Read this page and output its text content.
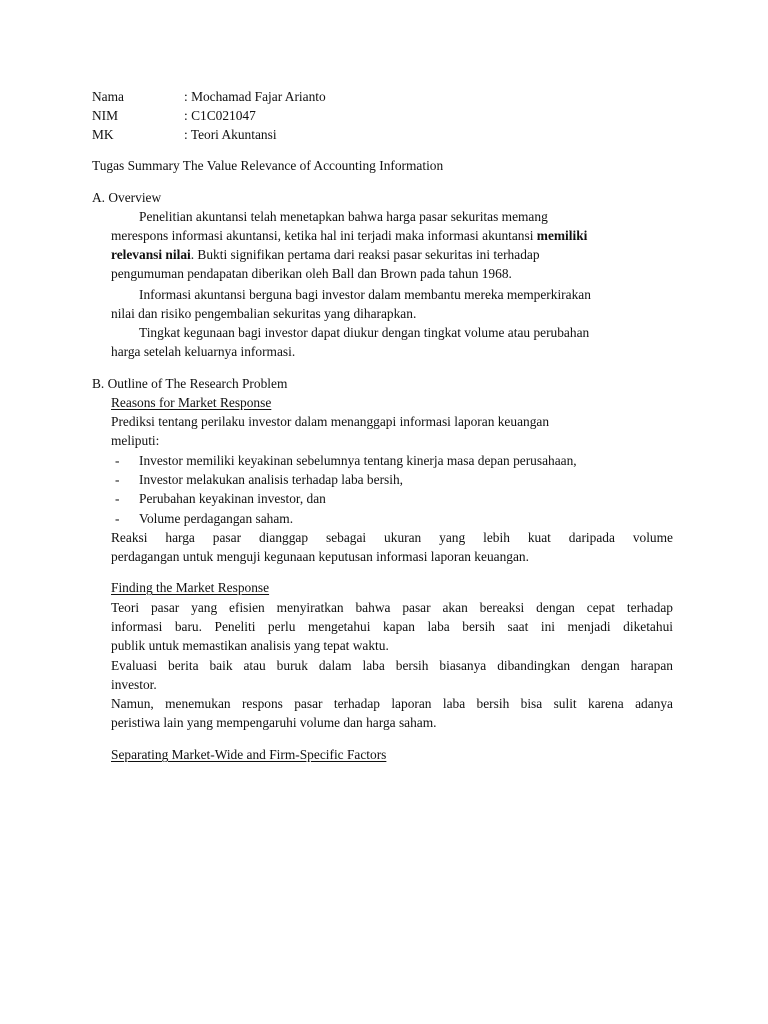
Nama	: Mochamad Fajar Arianto
NIM	: C1C021047
MK	: Teori Akuntansi
Tugas Summary The Value Relevance of Accounting Information
A. Overview
Penelitian akuntansi telah menetapkan bahwa harga pasar sekuritas memang
merespons informasi akuntansi, ketika hal ini terjadi maka informasi akuntansi memiliki
relevansi nilai. Bukti signifikan pertama dari reaksi pasar sekuritas ini terhadap
pengumuman pendapatan diberikan oleh Ball dan Brown pada tahun 1968.
Informasi akuntansi berguna bagi investor dalam membantu mereka memperkirakan
nilai dan risiko pengembalian sekuritas yang diharapkan.
Tingkat kegunaan bagi investor dapat diukur dengan tingkat volume atau perubahan
harga setelah keluarnya informasi.
B. Outline of The Research Problem
Reasons for Market Response
Prediksi tentang perilaku investor dalam menanggapi informasi laporan keuangan
meliputi:
- Investor memiliki keyakinan sebelumnya tentang kinerja masa depan perusahaan,
- Investor melakukan analisis terhadap laba bersih,
- Perubahan keyakinan investor, dan
- Volume perdagangan saham.
Reaksi harga pasar dianggap sebagai ukuran yang lebih kuat daripada volume
perdagangan untuk menguji kegunaan keputusan informasi laporan keuangan.
Finding the Market Response
Teori pasar yang efisien menyiratkan bahwa pasar akan bereaksi dengan cepat terhadap
informasi baru. Peneliti perlu mengetahui kapan laba bersih saat ini menjadi diketahui
publik untuk memastikan analisis yang tepat waktu.
Evaluasi berita baik atau buruk dalam laba bersih biasanya dibandingkan dengan harapan
investor.
Namun, menemukan respons pasar terhadap laporan laba bersih bisa sulit karena adanya
peristiwa lain yang mempengaruhi volume dan harga saham.
Separating Market-Wide and Firm-Specific Factors
